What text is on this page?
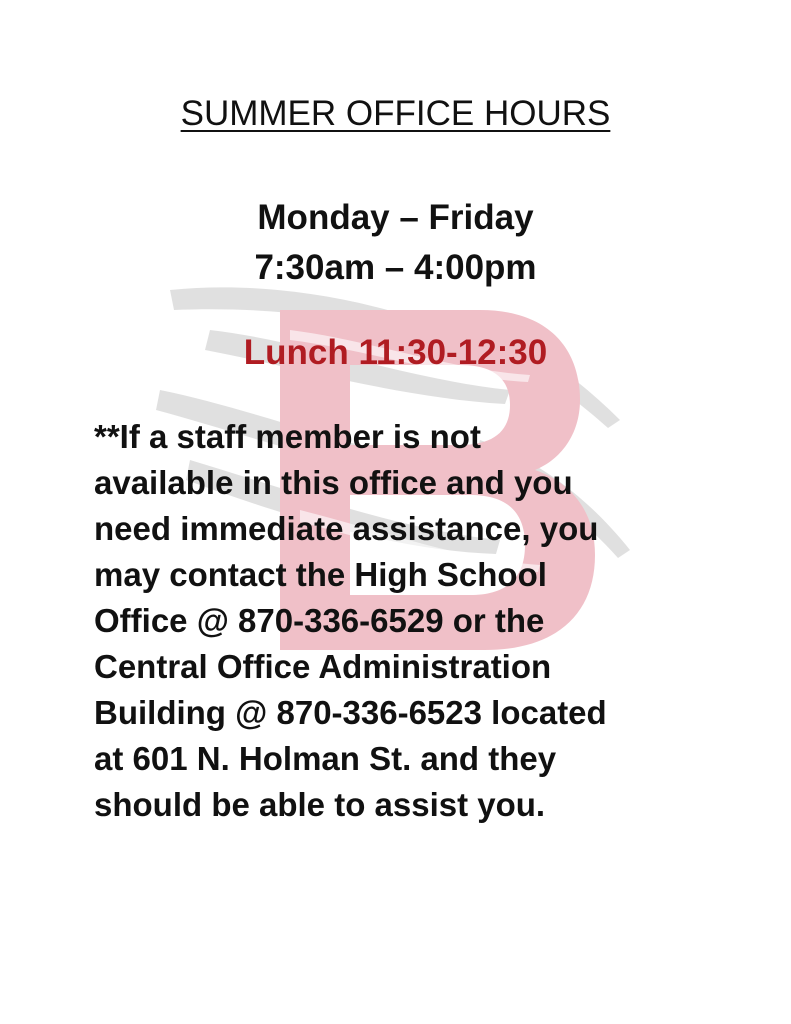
SUMMER OFFICE HOURS

Monday – Friday

7:30am – 4:00pm

Lunch 11:30-12:30

**If a staff member is not
available in this office and you
need immediate assistance, you
may contact the High School
Office @ 870-336-6529 or the
Central Office Administration
Building @ 870-336-6523 located
at 601 N. Holman St. and they
should be able to assist you.
